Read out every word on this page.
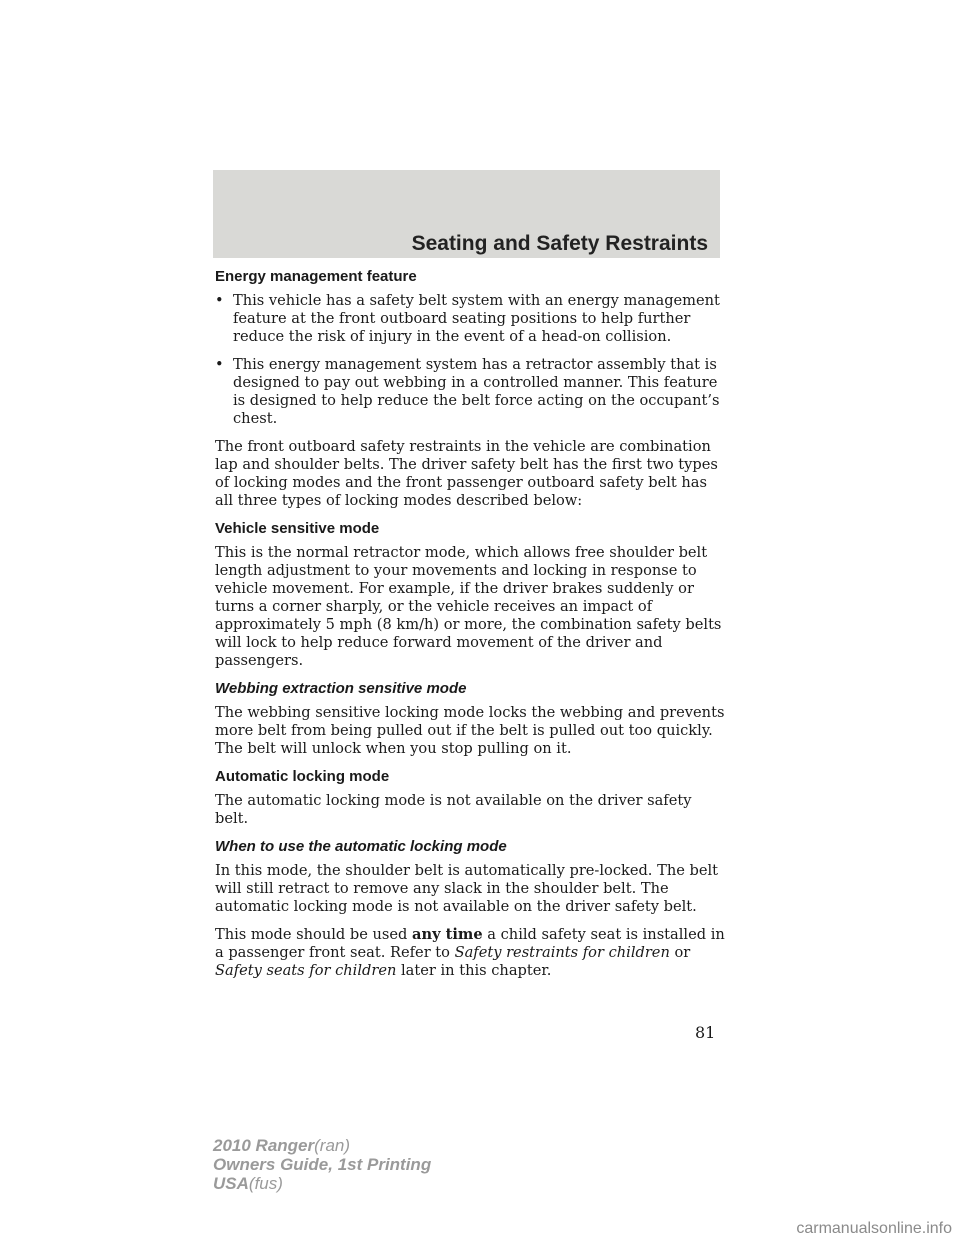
Seating and Safety Restraints
Energy management feature
• This vehicle has a safety belt system with an energy management feature at the front outboard seating positions to help further reduce the risk of injury in the event of a head-on collision.
• This energy management system has a retractor assembly that is designed to pay out webbing in a controlled manner. This feature is designed to help reduce the belt force acting on the occupant’s chest.

The front outboard safety restraints in the vehicle are combination lap and shoulder belts. The driver safety belt has the first two types of locking modes and the front passenger outboard safety belt has all three types of locking modes described below:

Vehicle sensitive mode

This is the normal retractor mode, which allows free shoulder belt length adjustment to your movements and locking in response to vehicle movement. For example, if the driver brakes suddenly or turns a corner sharply, or the vehicle receives an impact of approximately 5 mph (8 km/h) or more, the combination safety belts will lock to help reduce forward movement of the driver and passengers.

Webbing extraction sensitive mode

The webbing sensitive locking mode locks the webbing and prevents more belt from being pulled out if the belt is pulled out too quickly. The belt will unlock when you stop pulling on it.

Automatic locking mode

The automatic locking mode is not available on the driver safety belt.

When to use the automatic locking mode

In this mode, the shoulder belt is automatically pre-locked. The belt will still retract to remove any slack in the shoulder belt. The automatic locking mode is not available on the driver safety belt.

This mode should be used any time a child safety seat is installed in a passenger front seat. Refer to Safety restraints for children or Safety seats for children later in this chapter.

81
2010 Ranger(ran)
Owners Guide, 1st Printing
USA(fus)
carmanualsonline.info
